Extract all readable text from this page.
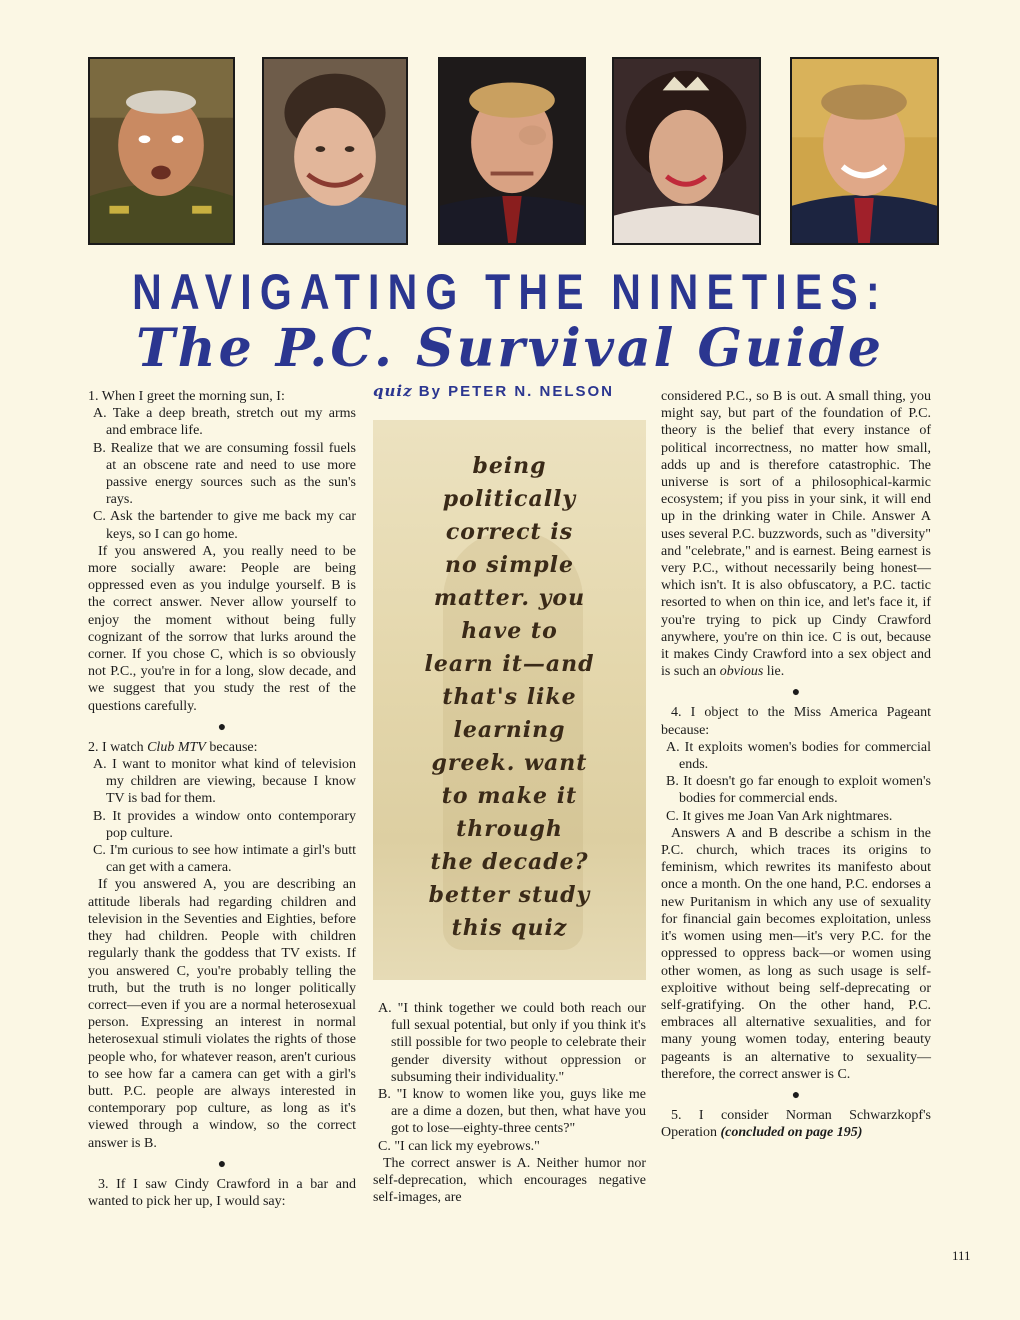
NAVIGATING THE NINETIES:
The P.C. Survival Guide
quiz By PETER N. NELSON

1. When I greet the morning sun, I:

A. Take a deep breath, stretch out my arms and embrace life.

B. Realize that we are consuming fossil fuels at an obscene rate and need to use more passive energy sources such as the sun's rays.

C. Ask the bartender to give me back my car keys, so I can go home.

If you answered A, you really need to be more socially aware: People are being oppressed even as you indulge yourself. B is the correct answer. Never allow yourself to enjoy the moment without being fully cognizant of the sorrow that lurks around the corner. If you chose C, which is so obviously not P.C., you're in for a long, slow decade, and we suggest that you study the rest of the questions carefully.

●

2. I watch Club MTV because:

A. I want to monitor what kind of television my children are viewing, because I know TV is bad for them.

B. It provides a window onto contemporary pop culture.

C. I'm curious to see how intimate a girl's butt can get with a camera.

If you answered A, you are describing an attitude liberals had regarding children and television in the Seventies and Eighties, before they had children. People with children regularly thank the goddess that TV exists. If you answered C, you're probably telling the truth, but the truth is no longer politically correct—even if you are a normal heterosexual person. Expressing an interest in normal heterosexual stimuli violates the rights of those people who, for whatever reason, aren't curious to see how far a camera can get with a girl's butt. P.C. people are always interested in contemporary pop culture, as long as it's viewed through a window, so the correct answer is B.

●

3. If I saw Cindy Crawford in a bar and wanted to pick her up, I would say:

being
politically
correct is
no simple
matter. you
have to
learn it—and
that's like
learning
greek. want
to make it
through
the decade?
better study
this quiz

A. "I think together we could both reach our full sexual potential, but only if you think it's still possible for two people to celebrate their gender diversity without oppression or subsuming their individuality."

B. "I know to women like you, guys like me are a dime a dozen, but then, what have you got to lose—eighty-three cents?"

C. "I can lick my eyebrows."

The correct answer is A. Neither humor nor self-deprecation, which encourages negative self-images, are

considered P.C., so B is out. A small thing, you might say, but part of the foundation of P.C. theory is the belief that every instance of political incorrectness, no matter how small, adds up and is therefore catastrophic. The universe is sort of a philosophical-karmic ecosystem; if you piss in your sink, it will end up in the drinking water in Chile. Answer A uses several P.C. buzzwords, such as "diversity" and "celebrate," and is earnest. Being earnest is very P.C., without necessarily being honest—which isn't. It is also obfuscatory, a P.C. tactic resorted to when on thin ice, and let's face it, if you're trying to pick up Cindy Crawford anywhere, you're on thin ice. C is out, because it makes Cindy Crawford into a sex object and is such an obvious lie.

●

4. I object to the Miss America Pageant because:

A. It exploits women's bodies for commercial ends.

B. It doesn't go far enough to exploit women's bodies for commercial ends.

C. It gives me Joan Van Ark nightmares.

Answers A and B describe a schism in the P.C. church, which traces its origins to feminism, which rewrites its manifesto about once a month. On the one hand, P.C. endorses a new Puritanism in which any use of sexuality for financial gain becomes exploitation, unless it's women using men—it's very P.C. for the oppressed to oppress back—or women using other women, as long as such usage is self-exploitive without being self-deprecating or self-gratifying. On the other hand, P.C. embraces all alternative sexualities, and for many young women today, entering beauty pageants is an alternative to sexuality—therefore, the correct answer is C.

●

5. I consider Norman Schwarzkopf's Operation (concluded on page 195)

111
